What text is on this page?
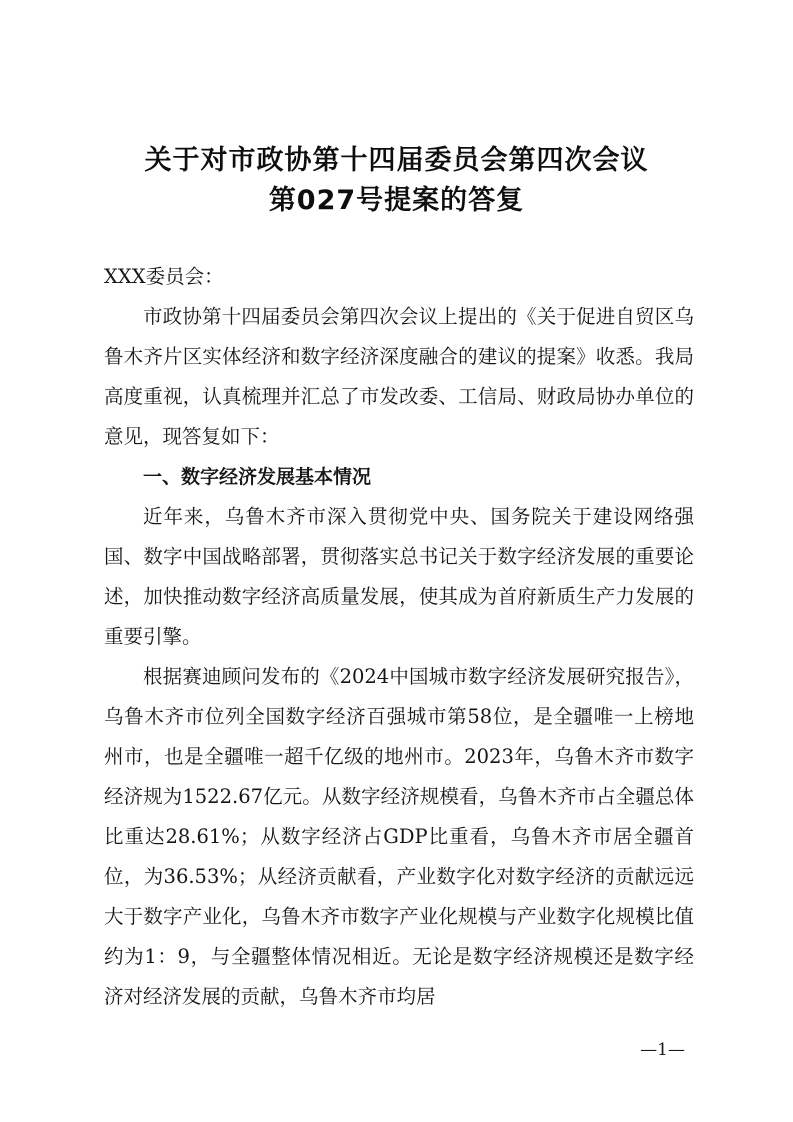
关于对市政协第十四届委员会第四次会议
第027号提案的答复

XXX委员会：

市政协第十四届委员会第四次会议上提出的《关于促进自贸区乌鲁木齐片区实体经济和数字经济深度融合的建议的提案》收悉。我局高度重视，认真梳理并汇总了市发改委、工信局、财政局协办单位的意见，现答复如下：

一、数字经济发展基本情况

近年来，乌鲁木齐市深入贯彻党中央、国务院关于建设网络强国、数字中国战略部署，贯彻落实总书记关于数字经济发展的重要论述，加快推动数字经济高质量发展，使其成为首府新质生产力发展的重要引擎。

根据赛迪顾问发布的《2024中国城市数字经济发展研究报告》，乌鲁木齐市位列全国数字经济百强城市第58位，是全疆唯一上榜地州市，也是全疆唯一超千亿级的地州市。2023年，乌鲁木齐市数字经济规为1522.67亿元。从数字经济规模看，乌鲁木齐市占全疆总体比重达28.61%；从数字经济占GDP比重看，乌鲁木齐市居全疆首位，为36.53%；从经济贡献看，产业数字化对数字经济的贡献远远大于数字产业化，乌鲁木齐市数字产业化规模与产业数字化规模比值约为1：9，与全疆整体情况相近。无论是数字经济规模还是数字经济对经济发展的贡献，乌鲁木齐市均居

—1—
